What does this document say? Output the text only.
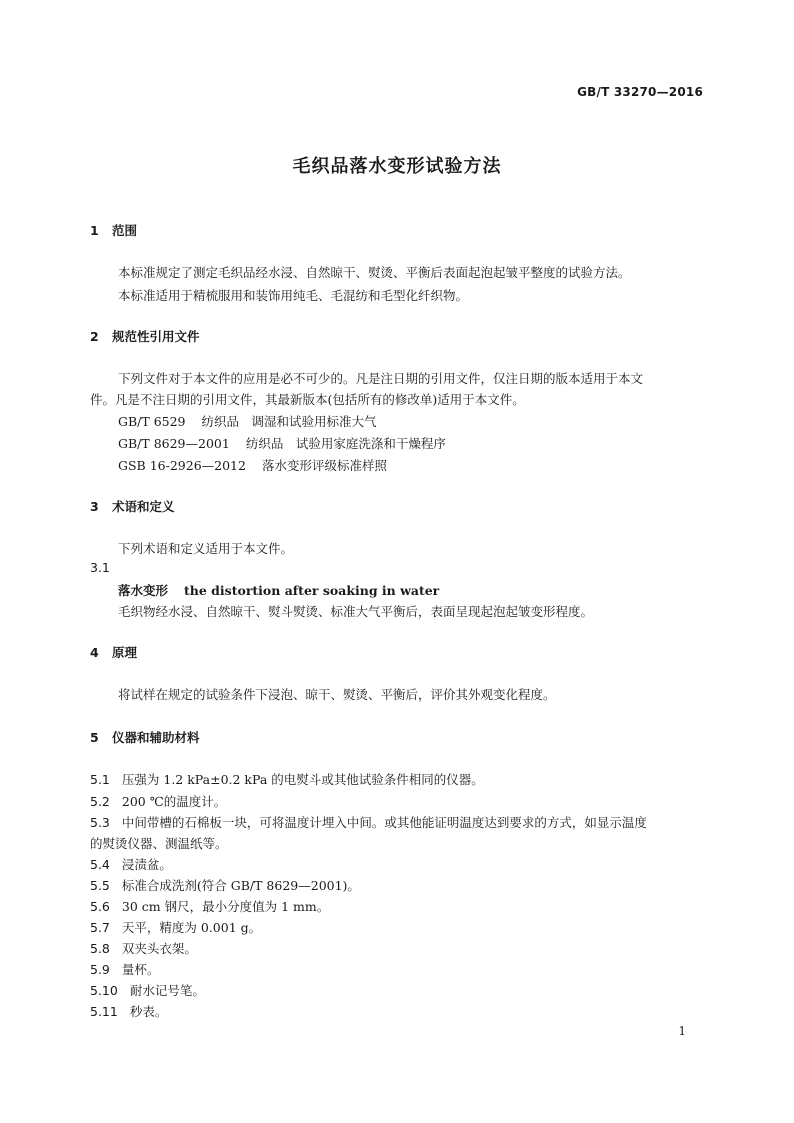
GB/T 33270—2016
毛织品落水变形试验方法
1 范围
本标准规定了测定毛织品经水浸、自然晾干、熨烫、平衡后表面起泡起皱平整度的试验方法。
本标准适用于精梳服用和装饰用纯毛、毛混纺和毛型化纤织物。
2 规范性引用文件
下列文件对于本文件的应用是必不可少的。凡是注日期的引用文件，仅注日期的版本适用于本文
件。凡是不注日期的引用文件，其最新版本(包括所有的修改单)适用于本文件。
GB/T 6529 纺织品　调湿和试验用标准大气
GB/T 8629—2001 纺织品　试验用家庭洗涤和干燥程序
GSB 16-2926—2012 落水变形评级标准样照
3 术语和定义
下列术语和定义适用于本文件。
3.1
落水变形 the distortion after soaking in water
毛织物经水浸、自然晾干、熨斗熨烫、标准大气平衡后，表面呈现起泡起皱变形程度。
4 原理
将试样在规定的试验条件下浸泡、晾干、熨烫、平衡后，评价其外观变化程度。
5 仪器和辅助材料
5.1 压强为 1.2 kPa±0.2 kPa 的电熨斗或其他试验条件相同的仪器。
5.2 200 ℃的温度计。
5.3 中间带槽的石棉板一块，可将温度计埋入中间。或其他能证明温度达到要求的方式，如显示温度
的熨烫仪器、测温纸等。
5.4 浸渍盆。
5.5 标准合成洗剂(符合 GB/T 8629—2001)。
5.6 30 cm 钢尺，最小分度值为 1 mm。
5.7 天平，精度为 0.001 g。
5.8 双夹头衣架。
5.9 量杯。
5.10 耐水记号笔。
5.11 秒表。
1
